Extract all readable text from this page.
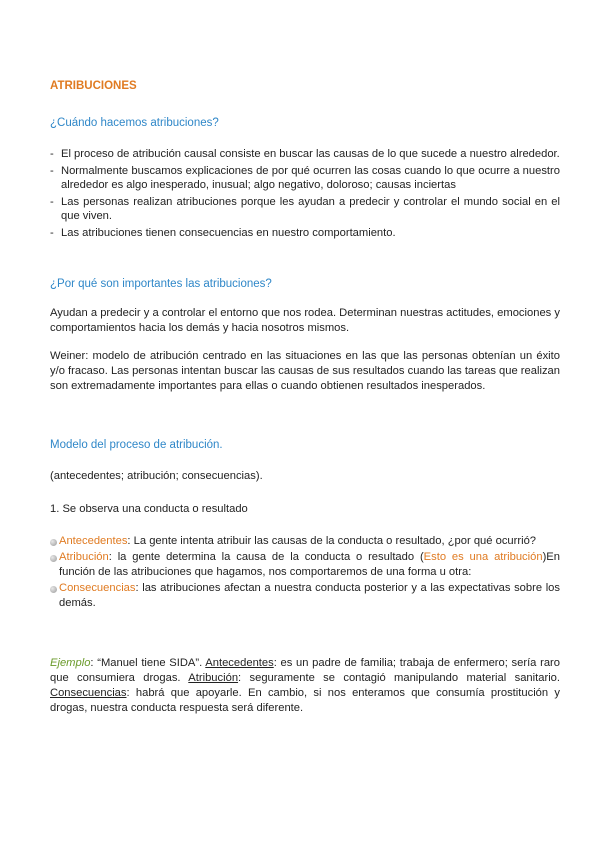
ATRIBUCIONES
¿Cuándo hacemos atribuciones?
- El proceso de atribución causal consiste en buscar las causas de lo que sucede a nuestro alrededor.
- Normalmente buscamos explicaciones de por qué ocurren las cosas cuando lo que ocurre a nuestro alrededor es algo inesperado, inusual; algo negativo, doloroso; causas inciertas
- Las personas realizan atribuciones porque les ayudan a predecir y controlar el mundo social en el que viven.
- Las atribuciones tienen consecuencias en nuestro comportamiento.
¿Por qué son importantes las atribuciones?

Ayudan a predecir y a controlar el entorno que nos rodea. Determinan nuestras actitudes, emociones y comportamientos hacia los demás y hacia nosotros mismos.

Weiner: modelo de atribución centrado en las situaciones en las que las personas obtenían un éxito y/o fracaso. Las personas intentan buscar las causas de sus resultados cuando las tareas que realizan son extremadamente importantes para ellas o cuando obtienen resultados inesperados.

Modelo del proceso de atribución.

(antecedentes; atribución; consecuencias).

1. Se observa una conducta o resultado

Antecedentes: La gente intenta atribuir las causas de la conducta o resultado, ¿por qué ocurrió?
Atribución: la gente determina la causa de la conducta o resultado (Esto es una atribución)En función de las atribuciones que hagamos, nos comportaremos de una forma u otra:
Consecuencias: las atribuciones afectan a nuestra conducta posterior y a las expectativas sobre los demás.

Ejemplo: “Manuel tiene SIDA”. Antecedentes: es un padre de familia; trabaja de enfermero; sería raro que consumiera drogas. Atribución: seguramente se contagió manipulando material sanitario. Consecuencias: habrá que apoyarle. En cambio, si nos enteramos que consumía prostitución y drogas, nuestra conducta respuesta será diferente.
